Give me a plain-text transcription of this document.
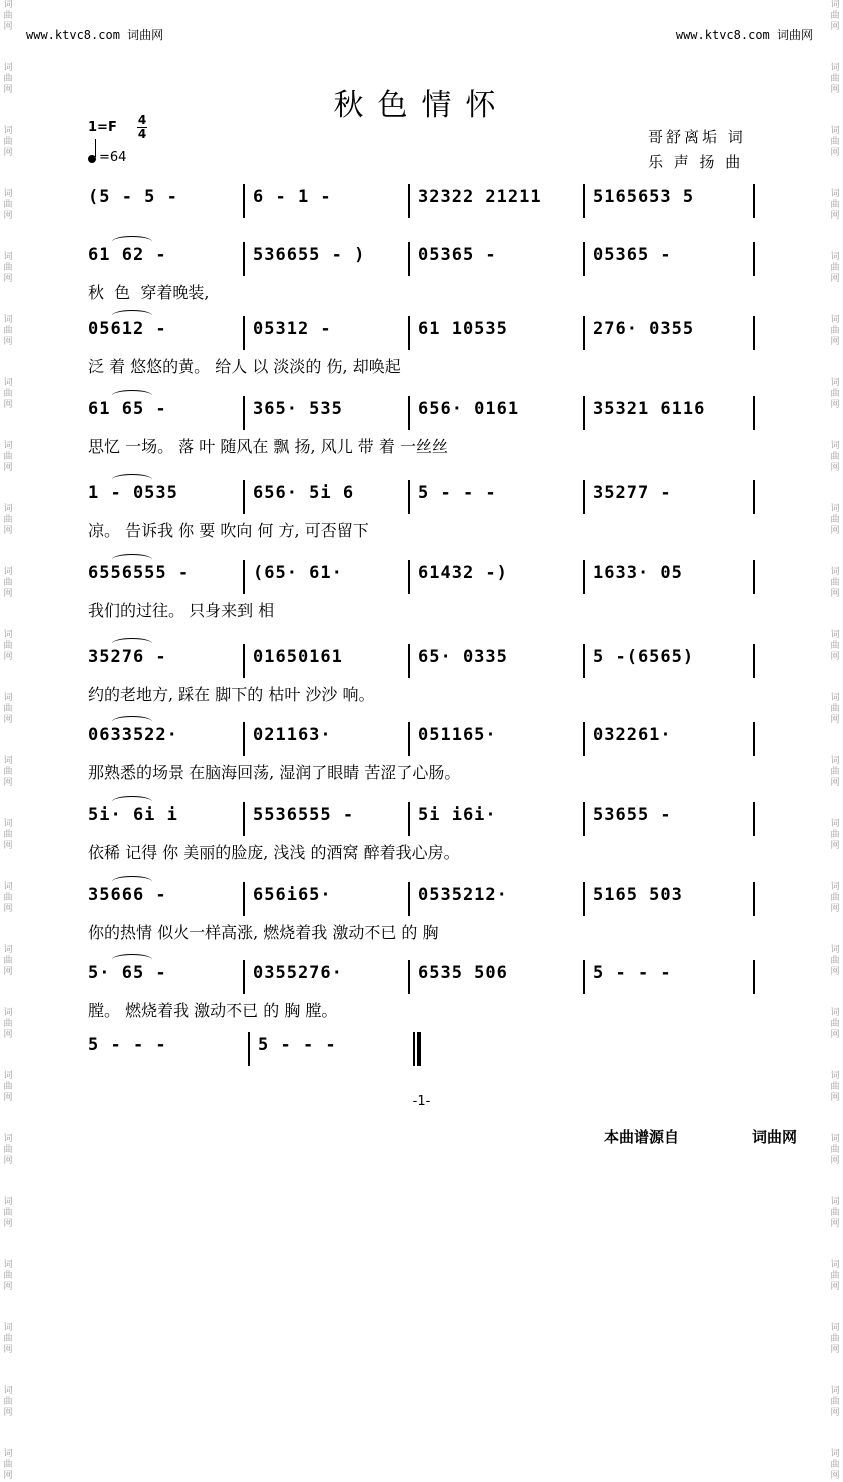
www.ktvc8.com 词曲网	www.ktvc8.com 词曲网
词
曲
网
词
曲
网
词
曲
网
词
曲
网
词
曲
网
词
曲
网
词
曲
网
词
曲
网
词
曲
网
词
曲
网
词
曲
网
词
曲
网
词
曲
网
词
曲
网
词
曲
网
词
曲
网
词
曲
网
词
曲
网
词
曲
网
词
曲
网
词
曲
网
词
曲
网
词
曲
网
词
曲
网
词
曲
网
词
曲
网
词
曲
网
词
曲
网
词
曲
网
词
曲
网
词
曲
网
词
曲
网
词
曲
网
词
曲
网
词
曲
网
词
曲
网
词
曲
网
词
曲
网
词
曲
网
词
曲
网
词
曲
网
词
曲
网
词
曲
网
词
曲
网
词
曲
网
词
曲
网
词
曲
网
词
曲
网
秋色情怀
1=F 4
4
=64
哥舒离垢 词
乐 声 扬 曲
(5 - 5 -	6 - 1 -	32322 21211	5165653 5
61 62 -	536655 - )	05365 -	05365 -
秋  色  穿着晚装,
05612 -	05312 -	61 10535	276· 0355
泛 着 悠悠的黄。 给人 以 淡淡的 伤, 却唤起
61 65 -	365· 535	656· 0161	35321 6116
思忆 一场。 落 叶 随风在 飘 扬, 风儿 带 着 一丝丝
1 - 0535	656· 5i 6	5 - - -	35277 -
凉。 告诉我 你 要 吹向 何 方, 可否留下
6556555 -	(65· 61·	61432 -)	1633· 05
我们的过往。 只身来到 相
35276 -	01650161	65· 0335	5 -(6565)
约的老地方, 踩在 脚下的 枯叶 沙沙 响。
0633522·	021163·	051165·	032261·
那熟悉的场景 在脑海回荡, 湿润了眼睛 苦涩了心肠。
5i· 6i i	5536555 -	5i i6i·	53655 -
依稀 记得 你 美丽的脸庞, 浅浅 的酒窝 醉着我心房。
35666 -	656i65·	0535212·	5165 503
你的热情 似火一样高涨, 燃烧着我 激动不已 的 胸
5· 65 -	0355276·	6535 506	5 - - -
膛。 燃烧着我 激动不已 的 胸 膛。
5 - - -	5 - - -
-1-
本曲谱源自	词曲网
